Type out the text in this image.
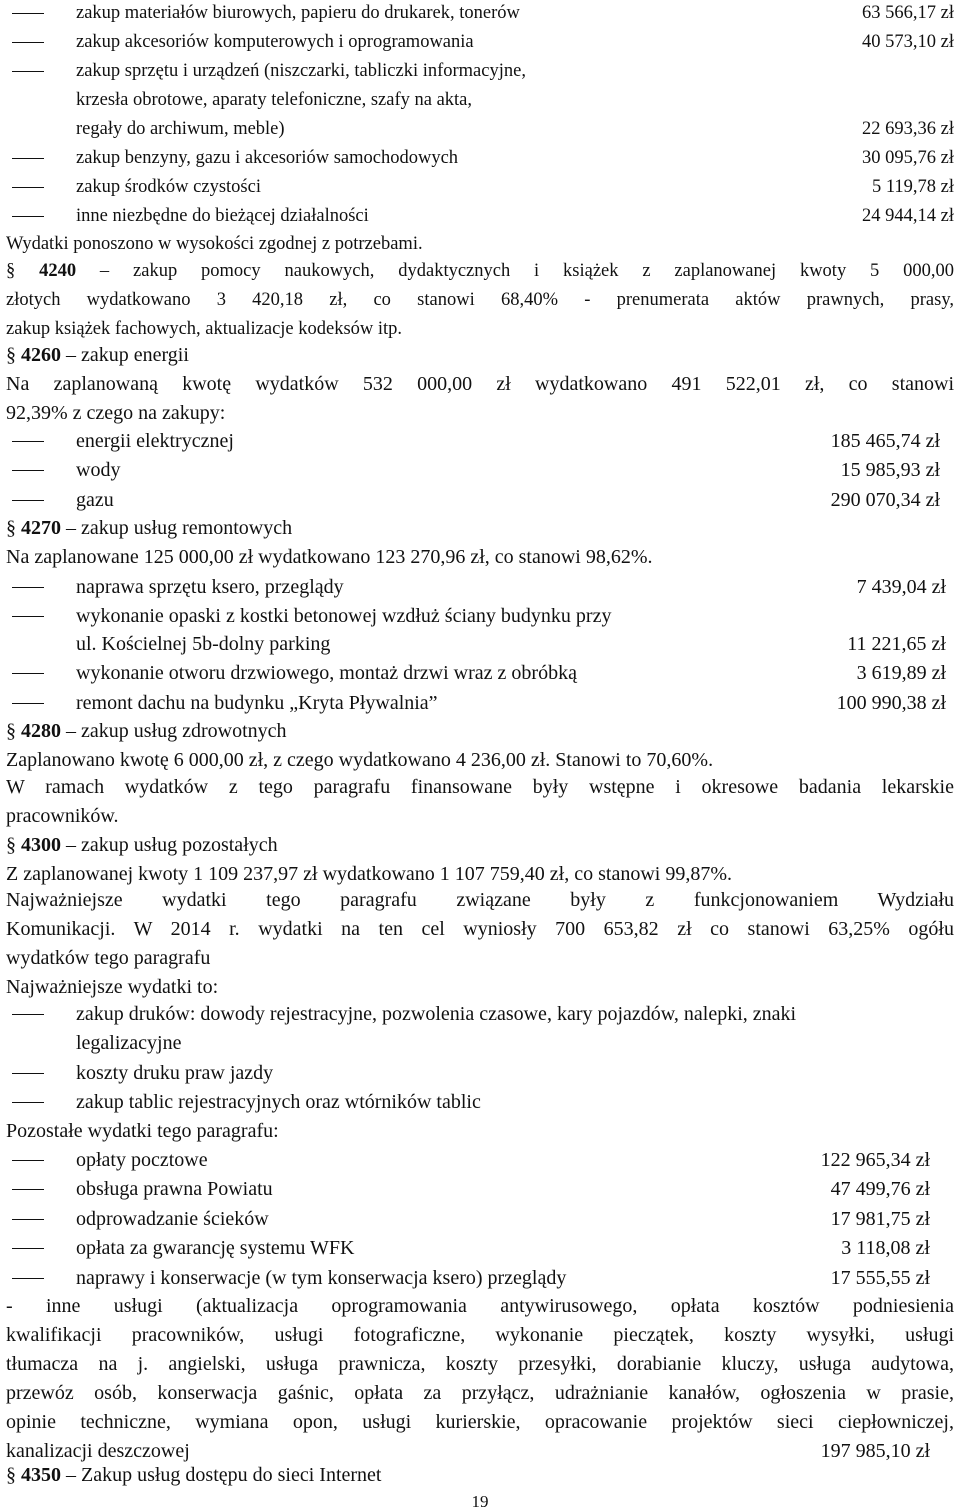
zakup materiałów biurowych, papieru do drukarek, tonerów	63 566,17 zł
zakup akcesoriów komputerowych i oprogramowania	40 573,10 zł
zakup sprzętu i urządzeń (niszczarki, tabliczki informacyjne,
krzesła obrotowe, aparaty telefoniczne, szafy na akta,
regały do archiwum, meble)	22 693,36 zł
zakup benzyny, gazu i akcesoriów samochodowych	30 095,76 zł
zakup środków czystości	5 119,78 zł
inne niezbędne do bieżącej działalności	24 944,14 zł
Wydatki ponoszono w wysokości zgodnej z potrzebami.
§ 4240 – zakup pomocy naukowych, dydaktycznych i książek z zaplanowanej kwoty 5 000,00
złotych wydatkowano 3 420,18 zł, co stanowi 68,40% - prenumerata aktów prawnych, prasy,
zakup książek fachowych, aktualizacje kodeksów itp.
§ 4260 – zakup energii
Na zaplanowaną kwotę wydatków 532 000,00 zł wydatkowano 491 522,01 zł, co stanowi
92,39% z czego na zakupy:
energii elektrycznej	185 465,74 zł
wody	15 985,93 zł
gazu	290 070,34 zł
§ 4270 – zakup usług remontowych
Na zaplanowane 125 000,00 zł wydatkowano 123 270,96 zł, co stanowi 98,62%.
naprawa sprzętu ksero, przeglądy	7 439,04 zł
wykonanie opaski z kostki betonowej wzdłuż ściany budynku przy
ul. Kościelnej 5b-dolny parking	11 221,65 zł
wykonanie otworu drzwiowego, montaż drzwi wraz z obróbką	3 619,89 zł
remont dachu na budynku „Kryta Pływalnia”	100 990,38 zł
§ 4280 – zakup usług zdrowotnych
Zaplanowano kwotę 6 000,00 zł, z czego wydatkowano 4 236,00 zł. Stanowi to 70,60%.
W ramach wydatków z tego paragrafu finansowane były wstępne i okresowe badania lekarskie
pracowników.
§ 4300 – zakup usług pozostałych
Z zaplanowanej kwoty 1 109 237,97 zł wydatkowano 1 107 759,40 zł, co stanowi 99,87%.
Najważniejsze wydatki tego paragrafu związane były z funkcjonowaniem Wydziału
Komunikacji. W 2014 r. wydatki na ten cel wyniosły 700 653,82 zł co stanowi 63,25% ogółu
wydatków tego paragrafu
Najważniejsze wydatki to:
zakup druków: dowody rejestracyjne, pozwolenia czasowe, kary pojazdów, nalepki, znaki
legalizacyjne
koszty druku praw jazdy
zakup tablic rejestracyjnych oraz wtórników tablic
Pozostałe wydatki tego paragrafu:
opłaty pocztowe	122 965,34 zł
obsługa prawna Powiatu	47 499,76 zł
odprowadzanie ścieków	17 981,75 zł
opłata za gwarancję systemu WFK	3 118,08 zł
naprawy i konserwacje (w tym konserwacja ksero) przeglądy	17 555,55 zł
- inne usługi (aktualizacja oprogramowania antywirusowego, opłata kosztów podniesienia
kwalifikacji pracowników, usługi fotograficzne, wykonanie pieczątek, koszty wysyłki, usługi
tłumacza na j. angielski, usługa prawnicza, koszty przesyłki, dorabianie kluczy, usługa audytowa,
przewóz osób, konserwacja gaśnic, opłata za przyłącz, udrażnianie kanałów, ogłoszenia w prasie,
opinie techniczne, wymiana opon, usługi kurierskie, opracowanie projektów sieci ciepłowniczej,
kanalizacji deszczowej	197 985,10 zł
§ 4350 – Zakup usług dostępu do sieci Internet
19
